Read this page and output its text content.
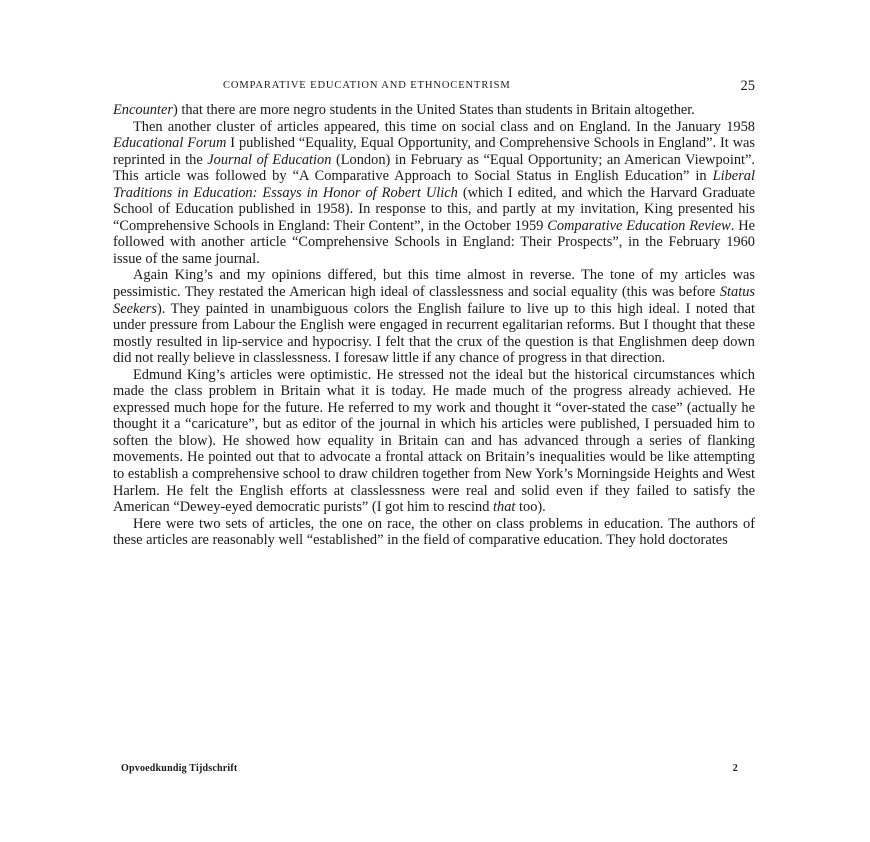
COMPARATIVE EDUCATION AND ETHNOCENTRISM	25

Encounter) that there are more negro students in the United States than students in Britain altogether.

Then another cluster of articles appeared, this time on social class and on England. In the January 1958 Educational Forum I published “Equality, Equal Opportunity, and Comprehensive Schools in England”. It was reprinted in the Journal of Education (London) in February as “Equal Opportunity; an American Viewpoint”. This article was followed by “A Comparative Approach to Social Status in English Education” in Liberal Traditions in Education: Essays in Honor of Robert Ulich (which I edited, and which the Harvard Graduate School of Education published in 1958). In response to this, and partly at my invitation, King presented his “Comprehensive Schools in England: Their Content”, in the October 1959 Comparative Education Review. He followed with another article “Comprehensive Schools in England: Their Prospects”, in the February 1960 issue of the same journal.

Again King’s and my opinions differed, but this time almost in reverse. The tone of my articles was pessimistic. They restated the American high ideal of classlessness and social equality (this was before Status Seekers). They painted in unambiguous colors the English failure to live up to this high ideal. I noted that under pressure from Labour the English were engaged in recurrent egalitarian reforms. But I thought that these mostly resulted in lip-service and hypocrisy. I felt that the crux of the question is that Englishmen deep down did not really believe in classlessness. I foresaw little if any chance of progress in that direction.

Edmund King’s articles were optimistic. He stressed not the ideal but the historical circumstances which made the class problem in Britain what it is today. He made much of the progress already achieved. He expressed much hope for the future. He referred to my work and thought it “over-stated the case” (actually he thought it a “caricature”, but as editor of the journal in which his articles were published, I persuaded him to soften the blow). He showed how equality in Britain can and has advanced through a series of flanking movements. He pointed out that to advocate a frontal attack on Britain’s inequalities would be like attempting to establish a comprehensive school to draw children together from New York’s Morningside Heights and West Harlem. He felt the English efforts at classlessness were real and solid even if they failed to satisfy the American “Dewey-eyed democratic purists” (I got him to rescind that too).

Here were two sets of articles, the one on race, the other on class problems in education. The authors of these articles are reasonably well “established” in the field of comparative education. They hold doctorates

Opvoedkundig Tijdschrift	2
